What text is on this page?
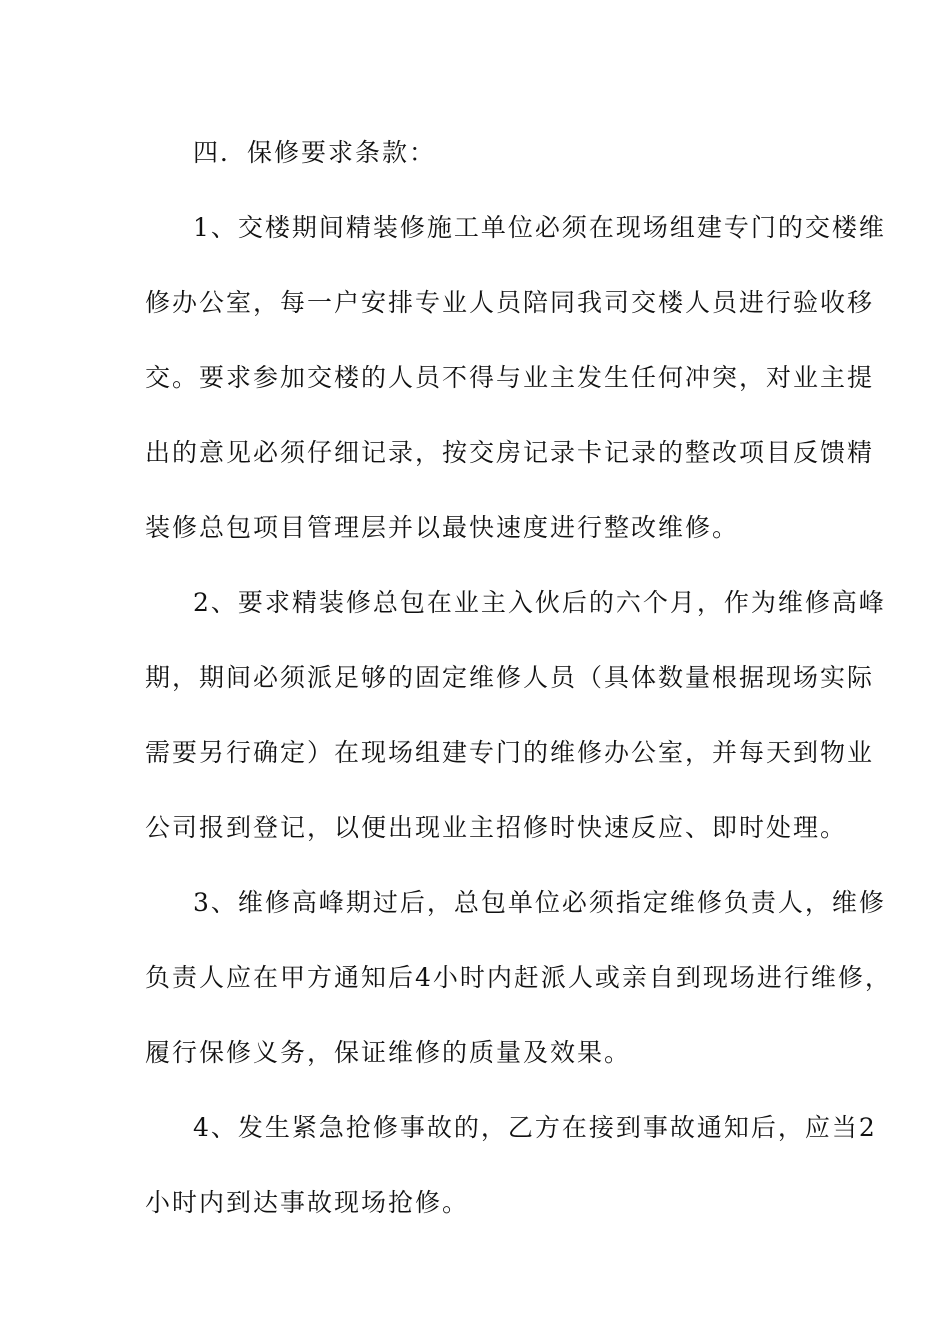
四．保修要求条款：
1、交楼期间精装修施工单位必须在现场组建专门的交楼维
修办公室，每一户安排专业人员陪同我司交楼人员进行验收移
交。要求参加交楼的人员不得与业主发生任何冲突，对业主提
出的意见必须仔细记录，按交房记录卡记录的整改项目反馈精
装修总包项目管理层并以最快速度进行整改维修。
2、要求精装修总包在业主入伙后的六个月，作为维修高峰
期，期间必须派足够的固定维修人员（具体数量根据现场实际
需要另行确定）在现场组建专门的维修办公室，并每天到物业
公司报到登记，以便出现业主招修时快速反应、即时处理。
3、维修高峰期过后，总包单位必须指定维修负责人，维修
负责人应在甲方通知后4小时内赶派人或亲自到现场进行维修，
履行保修义务，保证维修的质量及效果。
4、发生紧急抢修事故的，乙方在接到事故通知后，应当2
小时内到达事故现场抢修。
